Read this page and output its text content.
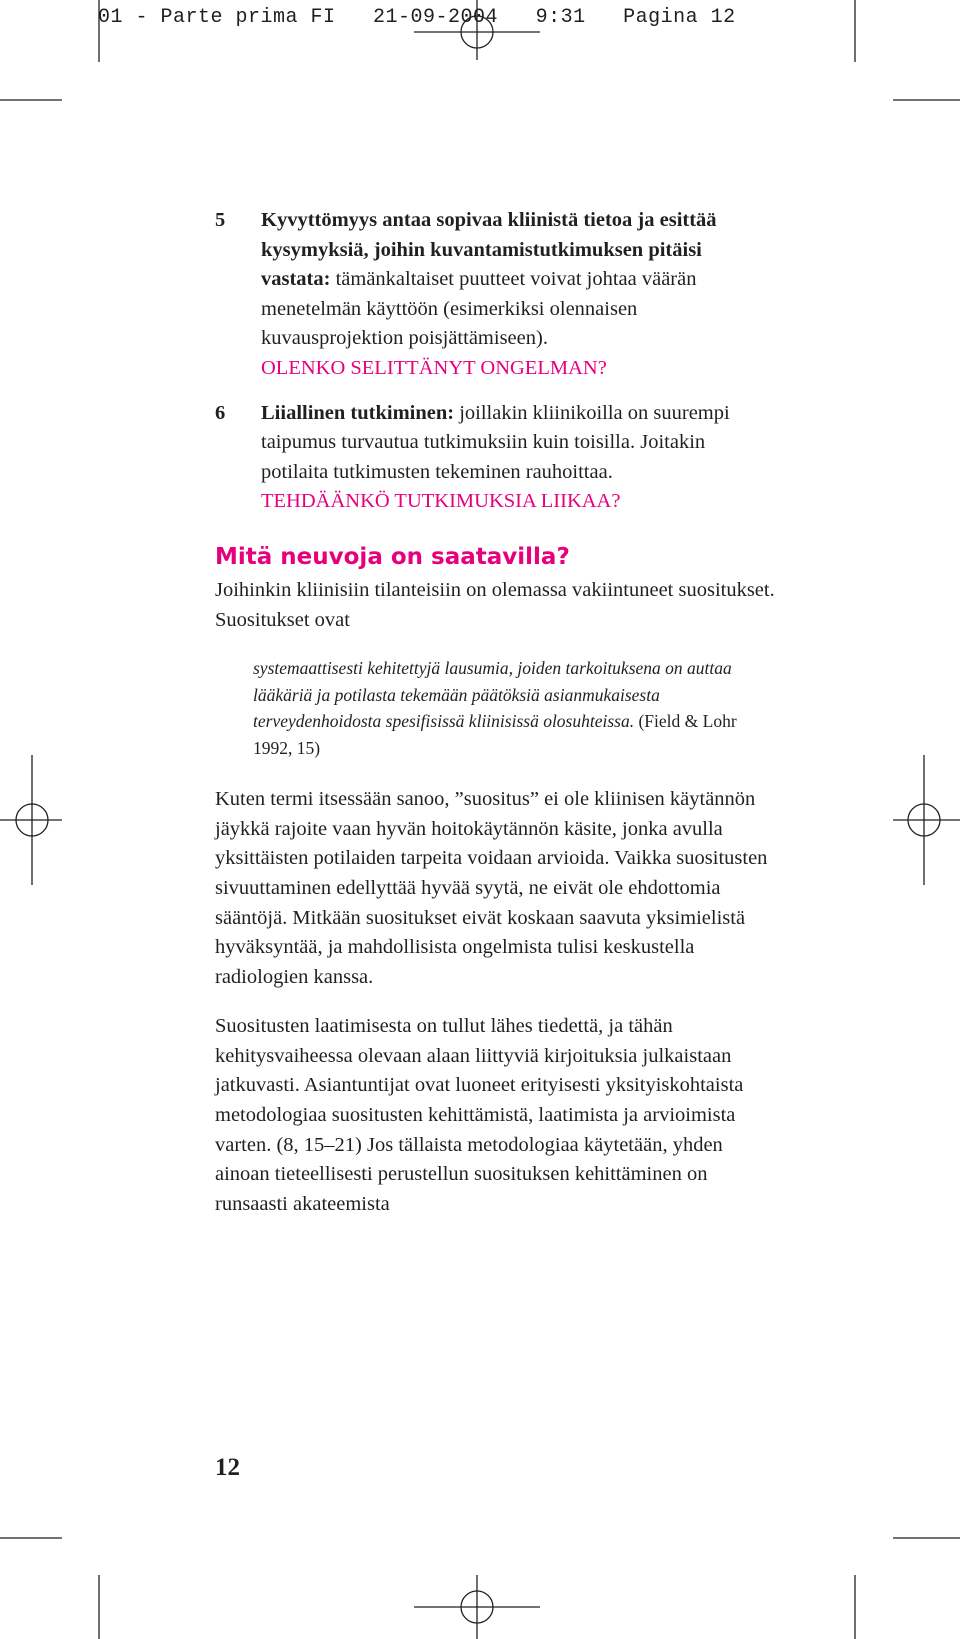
01 - Parte prima FI   21-09-2004   9:31   Pagina 12
5 Kyvyttömyys antaa sopivaa kliinistä tietoa ja esittää kysymyksiä, joihin kuvantamistutkimuksen pitäisi vastata: tämänkaltaiset puutteet voivat johtaa väärän menetelmän käyttöön (esimerkiksi olennaisen kuvausprojektion poisjättämiseen).
OLENKO SELITTÄNYT ONGELMAN?
6 Liiallinen tutkiminen: joillakin kliinikoilla on suurempi taipumus turvautua tutkimuksiin kuin toisilla. Joitakin potilaita tutkimusten tekeminen rauhoittaa.
TEHDÄÄNKÖ TUTKIMUKSIA LIIKAA?
Mitä neuvoja on saatavilla?

Joihinkin kliinisiin tilanteisiin on olemassa vakiintuneet suositukset. Suositukset ovat

systemaattisesti kehitettyjä lausumia, joiden tarkoituksena on auttaa lääkäriä ja potilasta tekemään päätöksiä asianmukaisesta terveydenhoidosta spesifisissä kliinisissä olosuhteissa. (Field & Lohr 1992, 15)

Kuten termi itsessään sanoo, ”suositus” ei ole kliinisen käytännön jäykkä rajoite vaan hyvän hoitokäytännön käsite, jonka avulla yksittäisten potilaiden tarpeita voidaan arvioida. Vaikka suositusten sivuuttaminen edellyttää hyvää syytä, ne eivät ole ehdottomia sääntöjä. Mitkään suositukset eivät koskaan saavuta yksimielistä hyväksyntää, ja mahdollisista ongelmista tulisi keskustella radiologien kanssa.

Suositusten laatimisesta on tullut lähes tiedettä, ja tähän kehitysvaiheessa olevaan alaan liittyviä kirjoituksia julkaistaan jatkuvasti. Asiantuntijat ovat luoneet erityisesti yksityiskohtaista metodologiaa suositusten kehittämistä, laatimista ja arvioimista varten. (8, 15–21) Jos tällaista metodologiaa käytetään, yhden ainoan tieteellisesti perustellun suosituksen kehittäminen on runsaasti akateemista

12
